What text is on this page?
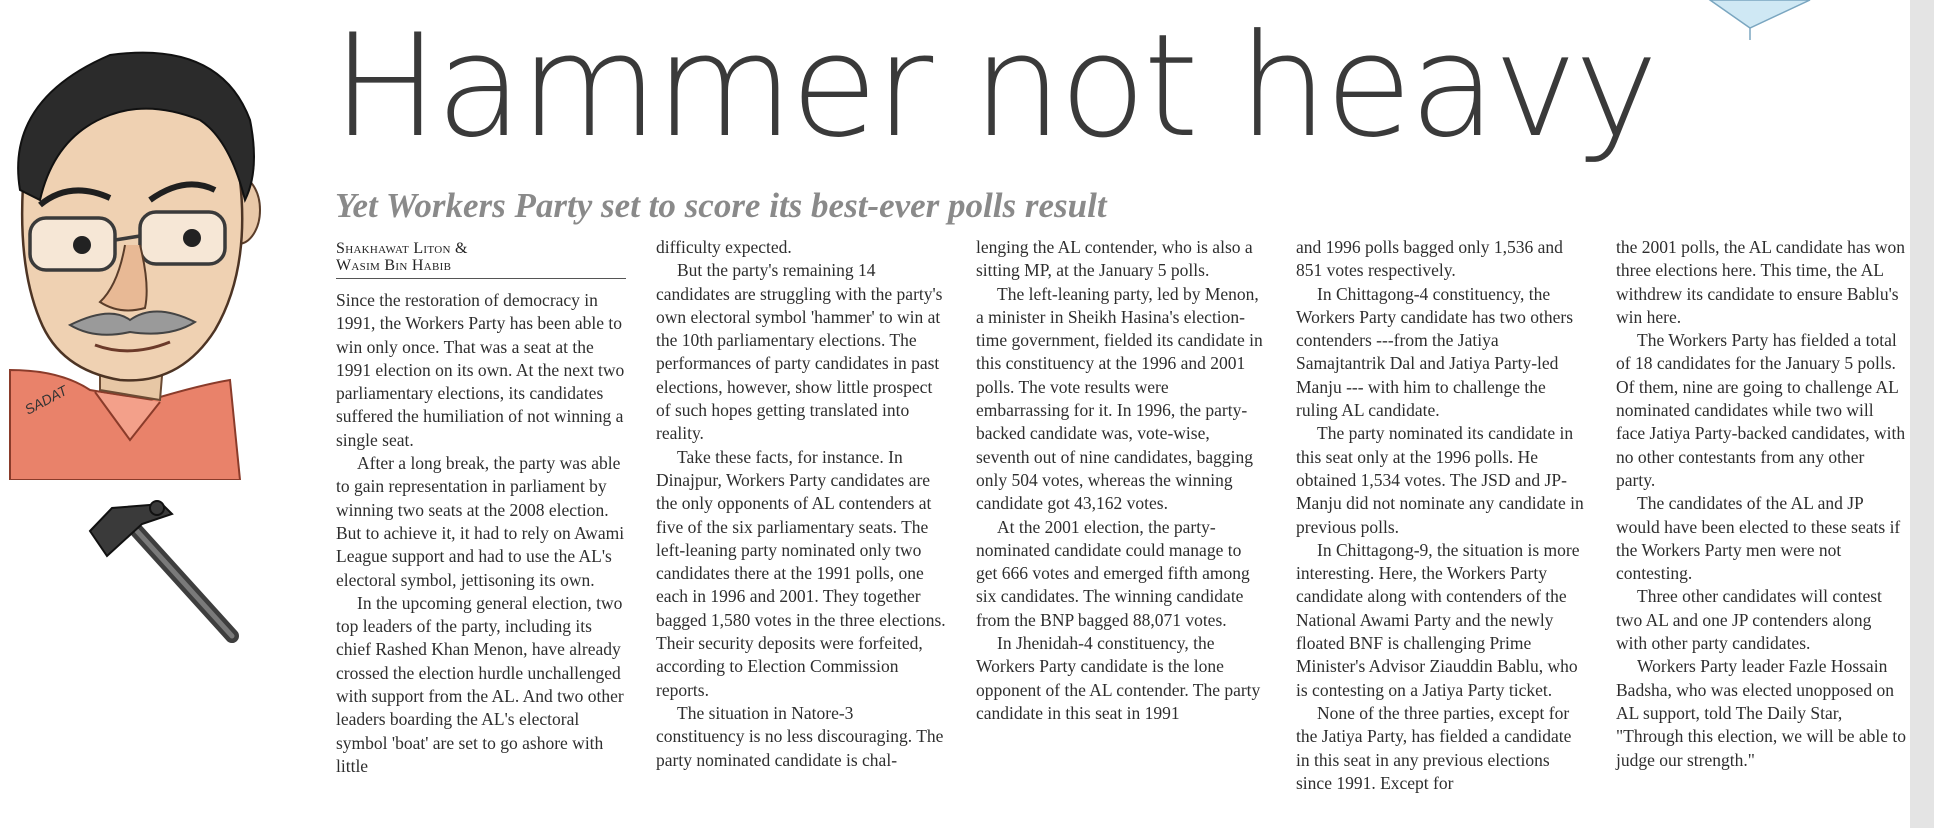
Hammer not heavy
Yet Workers Party set to score its best-ever polls result
Shakhawat Liton &
Wasim Bin Habib
SADAT

Since the restoration of democracy in 1991, the Workers Party has been able to win only once. That was a seat at the 1991 election on its own. At the next two parliamentary elections, its candidates suffered the humiliation of not winning a single seat.

After a long break, the party was able to gain representation in parliament by winning two seats at the 2008 election. But to achieve it, it had to rely on Awami League support and had to use the AL's electoral symbol, jettisoning its own.

In the upcoming general election, two top leaders of the party, including its chief Rashed Khan Menon, have already crossed the election hurdle unchallenged with support from the AL. And two other leaders boarding the AL's electoral symbol 'boat' are set to go ashore with little

difficulty expected.

But the party's remaining 14 candidates are struggling with the party's own electoral symbol 'hammer' to win at the 10th parliamentary elections. The performances of party candidates in past elections, however, show little prospect of such hopes getting translated into reality.

Take these facts, for instance. In Dinajpur, Workers Party candidates are the only opponents of AL contenders at five of the six parliamentary seats. The left-leaning party nominated only two candidates there at the 1991 polls, one each in 1996 and 2001. They together bagged 1,580 votes in the three elections. Their security deposits were forfeited, according to Election Commission reports.

The situation in Natore-3 constituency is no less discouraging. The party nominated candidate is chal-

lenging the AL contender, who is also a sitting MP, at the January 5 polls.

The left-leaning party, led by Menon, a minister in Sheikh Hasina's election-time government, fielded its candidate in this constituency at the 1996 and 2001 polls. The vote results were embarrassing for it. In 1996, the party-backed candidate was, vote-wise, seventh out of nine candidates, bagging only 504 votes, whereas the winning candidate got 43,162 votes.

At the 2001 election, the party-nominated candidate could manage to get 666 votes and emerged fifth among six candidates. The winning candidate from the BNP bagged 88,071 votes.

In Jhenidah-4 constituency, the Workers Party candidate is the lone opponent of the AL contender. The party candidate in this seat in 1991

and 1996 polls bagged only 1,536 and 851 votes respectively.

In Chittagong-4 constituency, the Workers Party candidate has two others contenders ---from the Jatiya Samajtantrik Dal and Jatiya Party-led Manju --- with him to challenge the ruling AL candidate.

The party nominated its candidate in this seat only at the 1996 polls. He obtained 1,534 votes. The JSD and JP-Manju did not nominate any candidate in previous polls.

In Chittagong-9, the situation is more interesting. Here, the Workers Party candidate along with contenders of the National Awami Party and the newly floated BNF is challenging Prime Minister's Advisor Ziauddin Bablu, who is contesting on a Jatiya Party ticket.

None of the three parties, except for the Jatiya Party, has fielded a candidate in this seat in any previous elections since 1991. Except for

the 2001 polls, the AL candidate has won three elections here. This time, the AL withdrew its candidate to ensure Bablu's win here.

The Workers Party has fielded a total of 18 candidates for the January 5 polls. Of them, nine are going to challenge AL nominated candidates while two will face Jatiya Party-backed candidates, with no other contestants from any other party.

The candidates of the AL and JP would have been elected to these seats if the Workers Party men were not contesting.

Three other candidates will contest two AL and one JP contenders along with other party candidates.

Workers Party leader Fazle Hossain Badsha, who was elected unopposed on AL support, told The Daily Star, "Through this election, we will be able to judge our strength."
